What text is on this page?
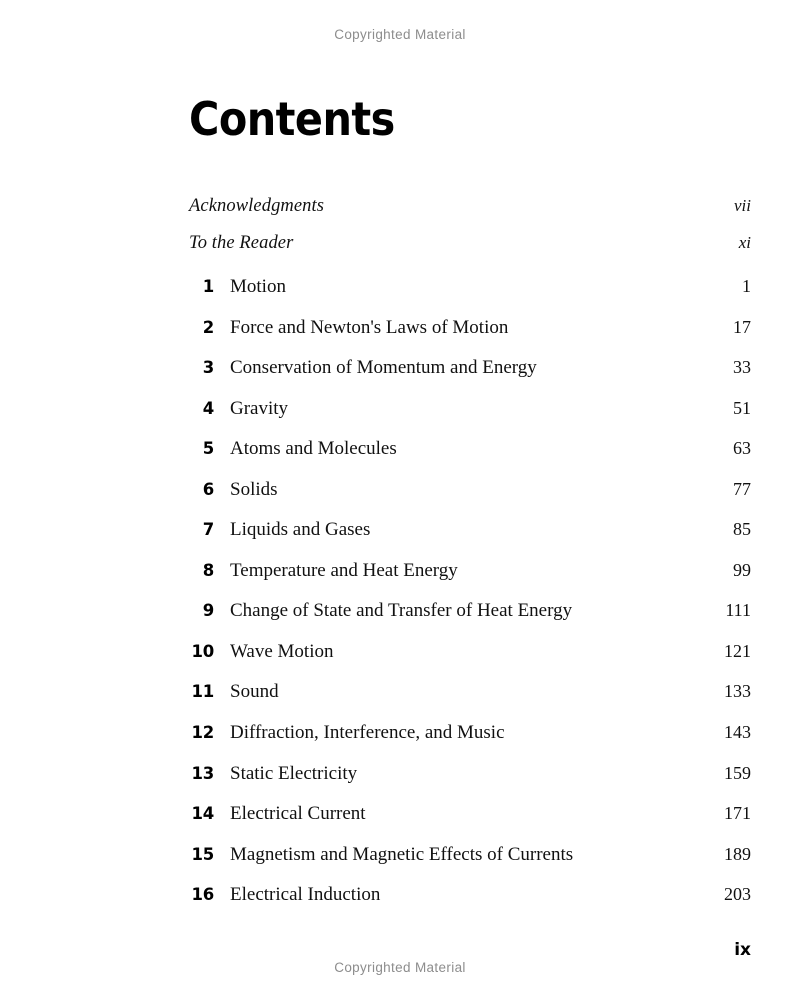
Copyrighted Material
Contents
Acknowledgments	vii
To the Reader	xi
1 Motion	1
2 Force and Newton's Laws of Motion	17
3 Conservation of Momentum and Energy	33
4 Gravity	51
5 Atoms and Molecules	63
6 Solids	77
7 Liquids and Gases	85
8 Temperature and Heat Energy	99
9 Change of State and Transfer of Heat Energy	111
10 Wave Motion	121
11 Sound	133
12 Diffraction, Interference, and Music	143
13 Static Electricity	159
14 Electrical Current	171
15 Magnetism and Magnetic Effects of Currents	189
16 Electrical Induction	203
ix
Copyrighted Material
